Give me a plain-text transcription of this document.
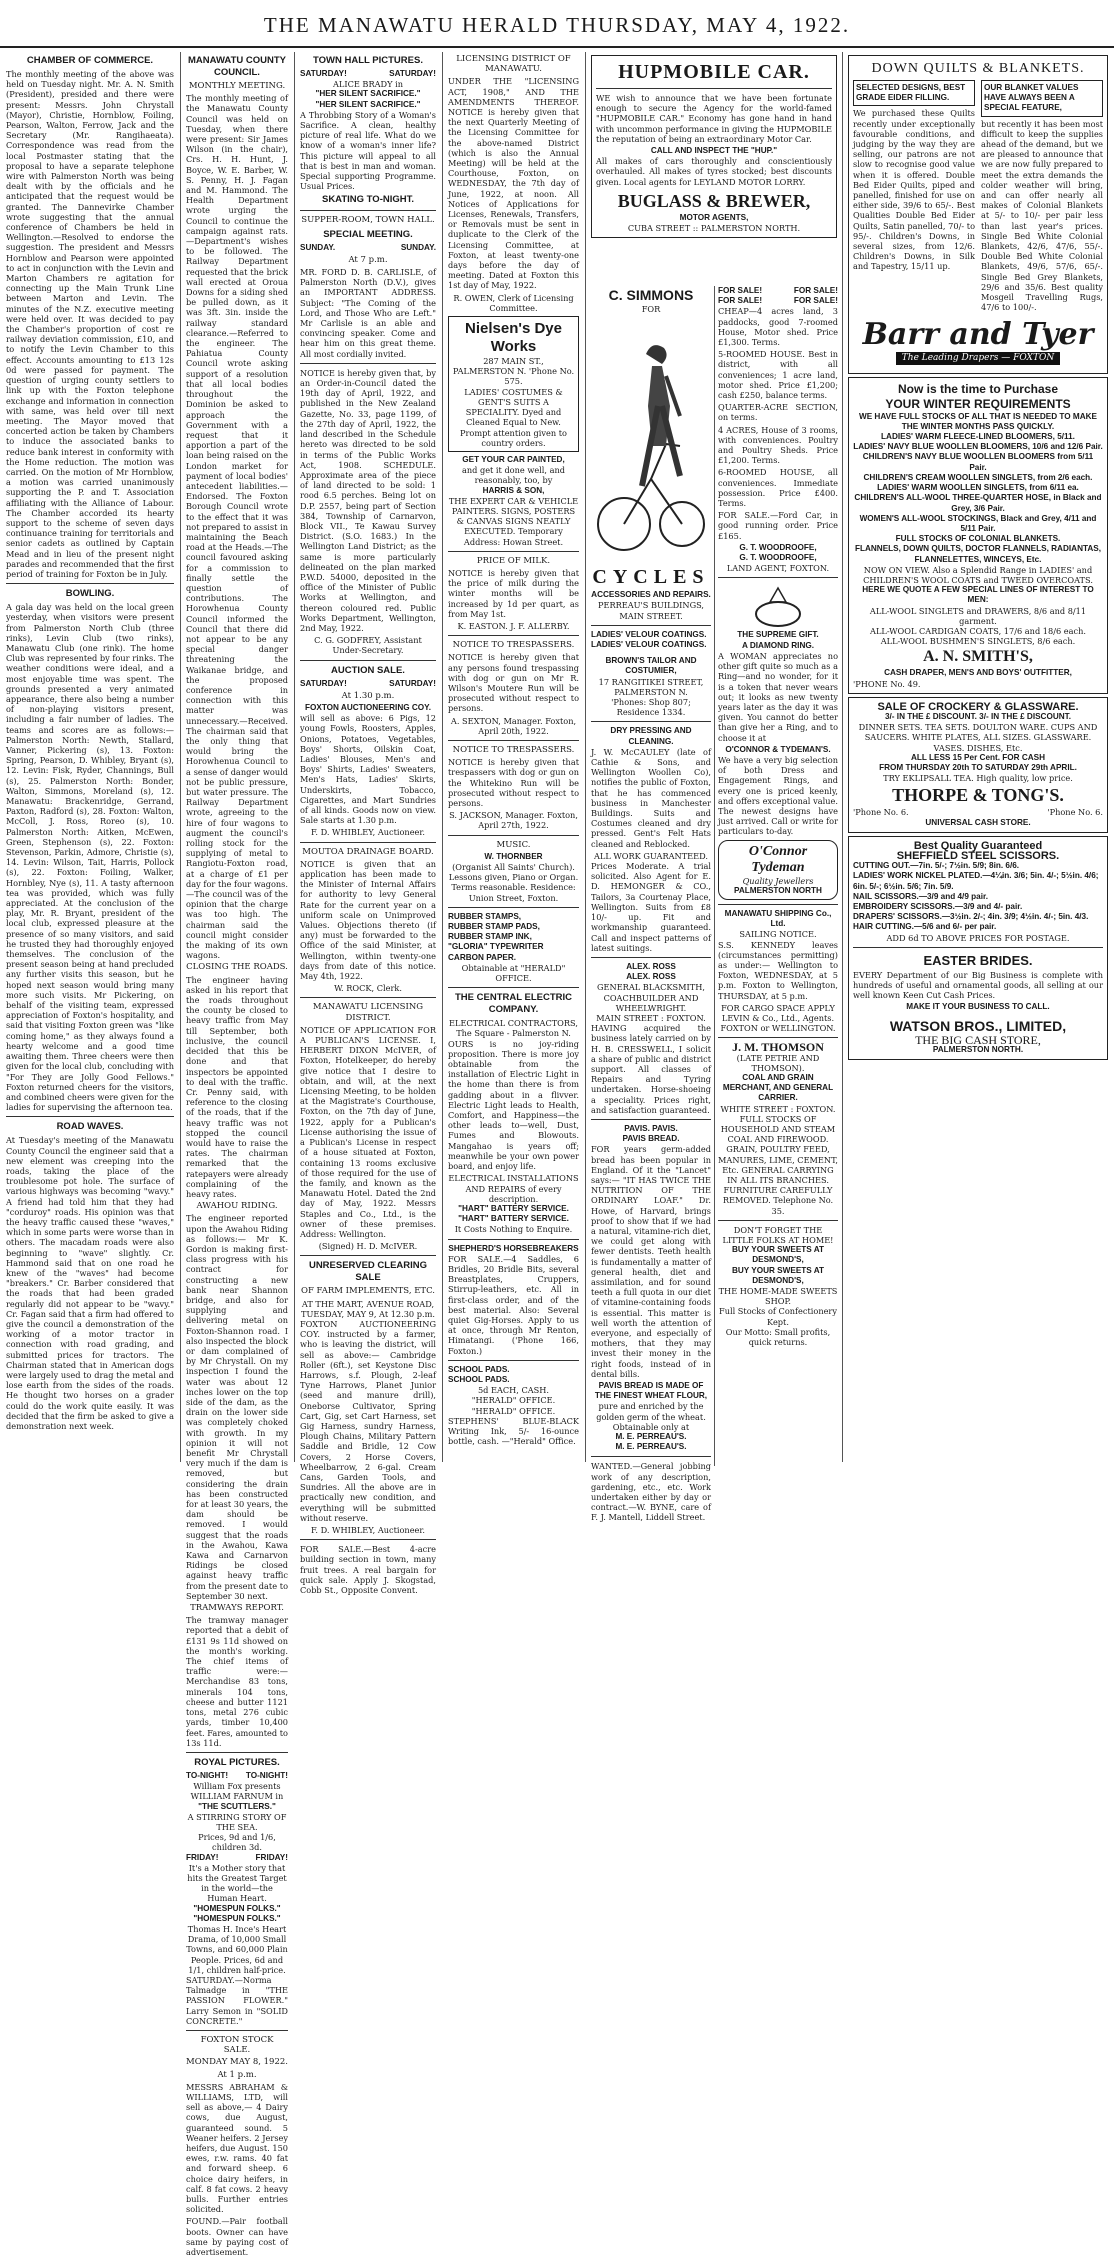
THE MANAWATU HERALD THURSDAY, MAY 4, 1922.
CHAMBER OF COMMERCE.
The monthly meeting of the above was held on Tuesday night. Mr. A. N. Smith (President), presided and there were present: Messrs. John Chrystall (Mayor), Christie, Hornblow, Foiling, Pearson, Walton, Ferrow, Jack and the Secretary (Mr. Rangihaeata). Correspondence was read from the local Postmaster stating that the proposal to have a separate telephone wire with Palmerston North was being dealt with by the officials and he anticipated that the request would be granted. The Dannevirke Chamber wrote suggesting that the annual conference of Chambers be held in Wellington.—Resolved to endorse the suggestion. The president and Messrs Hornblow and Pearson were appointed to act in conjunction with the Levin and Marton Chambers re agitation for connecting up the Main Trunk Line between Marton and Levin. The minutes of the N.Z. executive meeting were held over. It was decided to pay the Chamber's proportion of cost re railway deviation commission, £10, and to notify the Levin Chamber to this effect. Accounts amounting to £13 12s 0d were passed for payment. The question of urging county settlers to link up with the Foxton telephone exchange and information in connection with same, was held over till next meeting. The Mayor moved that concerted action be taken by Chambers to induce the associated banks to reduce bank interest in conformity with the Home reduction. The motion was carried. On the motion of Mr Hornblow, a motion was carried unanimously supporting the P. and T. Association affiliating with the Alliance of Labour. The Chamber accorded its hearty support to the scheme of seven days continuance training for territorials and senior cadets as outlined by Captain Mead and in lieu of the present night parades and recommended that the first period of training for Foxton be in July.
BOWLING.
A gala day was held on the local green yesterday, when visitors were present from Palmerston North Club (three rinks), Levin Club (two rinks), Manawatu Club (one rink). The home Club was represented by four rinks. The weather conditions were ideal, and a most enjoyable time was spent. The grounds presented a very animated appearance, there also being a number of non-playing visitors present, including a fair number of ladies. The teams and scores are as follows:— Palmerston North: Newth, Stallard, Vanner, Pickering (s), 13. Foxton: Spring, Pearson, D. Whibley, Bryant (s), 12. Levin: Fisk, Ryder, Channings, Bull (s), 25. Palmerston North: Bonder, Walton, Simmons, Moreland (s), 12. Manawatu: Brackenridge, Gerrand, Paxton, Radford (s), 28. Foxton: Walton, McColl, J. Ross, Roreo (s), 10. Palmerston North: Aitken, McEwen, Green, Stephenson (s), 22. Foxton: Stevenson, Parkin, Admore, Christie (s), 14. Levin: Wilson, Tait, Harris, Pollock (s), 22. Foxton: Foiling, Walker, Hornbley, Nye (s), 11. A tasty afternoon tea was provided, which was fully appreciated. At the conclusion of the play, Mr. R. Bryant, president of the local club, expressed pleasure at the presence of so many visitors, and said he trusted they had thoroughly enjoyed themselves. The conclusion of the present season being at hand precluded any further visits this season, but he hoped next season would bring many more such visits. Mr Pickering, on behalf of the visiting team, expressed appreciation of Foxton's hospitality, and said that visiting Foxton green was "like coming home," as they always found a hearty welcome and a good time awaiting them. Three cheers were then given for the local club, concluding with "For They are Jolly Good Fellows." Foxton returned cheers for the visitors, and combined cheers were given for the ladies for supervising the afternoon tea.
ROAD WAVES.
At Tuesday's meeting of the Manawatu County Council the engineer said that a new element was creeping into the roads, taking the place of the troublesome pot hole. The surface of various highways was becoming "wavy." A friend had told him that they had "corduroy" roads. His opinion was that the heavy traffic caused these "waves," which in some parts were worse than in others. The macadam roads were also beginning to "wave" slightly. Cr. Hammond said that on one road he knew of the "waves" had become "breakers." Cr. Barber considered that the roads that had been graded regularly did not appear to be "wavy." Cr. Fagan said that a firm had offered to give the council a demonstration of the working of a motor tractor in connection with road grading, and submitted prices for tractors. The Chairman stated that in American dogs were largely used to drag the metal and lose earth from the sides of the roads. He thought two horses on a grader could do the work quite easily. It was decided that the firm be asked to give a demonstration next week.
MANAWATU COUNTY COUNCIL.
MONTHLY MEETING.
The monthly meeting of the Manawatu County Council was held on Tuesday, when there were present: Sir James Wilson (in the chair), Crs. H. H. Hunt, J. Boyce, W. E. Barber, W. S. Penny, H. J. Fagan and M. Hammond. The Health Department wrote urging the Council to continue the campaign against rats.—Department's wishes to be followed. The Railway Department requested that the brick wall erected at Oroua Downs for a siding shed be pulled down, as it was 3ft. 3in. inside the railway standard clearance.—Referred to the engineer. The Pahiatua County Council wrote asking support of a resolution that all local bodies throughout the Dominion be asked to approach the Government with a request that it apportion a part of the loan being raised on the London market for payment of local bodies' antecedent liabilities.—Endorsed. The Foxton Borough Council wrote to the effect that it was not prepared to assist in maintaining the Beach road at the Heads.—The council favoured asking for a commission to finally settle the question of contributions. The Horowhenua County Council informed the Council that there did not appear to be any special danger threatening the Waikanae bridge, and the proposed conference in connection with this matter was unnecessary.—Received. The chairman said that the only thing that would bring the Horowhenua Council to a sense of danger would not be public pressure, but water pressure. The Railway Department wrote, agreeing to the hire of four wagons to augment the council's rolling stock for the supplying of metal to Rangiotu-Foxton road, at a charge of £1 per day for the four wagons.—The council was of the opinion that the charge was too high. The chairman said the council might consider the making of its own wagons.
CLOSING THE ROADS.
The engineer having asked in his report that the roads throughout the county be closed to heavy traffic from May till September, both inclusive, the council decided that this be done and that inspectors be appointed to deal with the traffic. Cr. Penny said, with reference to the closing of the roads, that if the heavy traffic was not stopped the council would have to raise the rates. The chairman remarked that the ratepayers were already complaining of the heavy rates.
AWAHOU RIDING.
The engineer reported upon the Awahou Riding as follows:— Mr K. Gordon is making first-class progress with his contract for constructing a new bank near Shannon bridge, and also for supplying and delivering metal on Foxton-Shannon road. I also inspected the block or dam complained of by Mr Chrystall. On my inspection I found the water was about 12 inches lower on the top side of the dam, as the drain on the lower side was completely choked with growth. In my opinion it will not benefit Mr Chrystall very much if the dam is removed, but considering the drain has been constructed for at least 30 years, the dam should be removed. I would suggest that the roads in the Awahou, Kawa Kawa and Carnarvon Ridings be closed against heavy traffic from the present date to September 30 next.
TRAMWAYS REPORT.
The tramway manager reported that a debit of £131 9s 11d showed on the month's working. The chief items of traffic were:—Merchandise 83 tons, minerals 104 tons, cheese and butter 1121 tons, metal 276 cubic yards, timber 10,400 feet. Fares, amounted to 13s 11d.
ROYAL PICTURES.
TO-NIGHT! TO-NIGHT!
William Fox presents WILLIAM FARNUM in
"THE SCUTTLERS."
A STIRRING STORY OF THE SEA.
Prices, 9d and 1/6, children 3d.
FRIDAY!	FRIDAY!
It's a Mother story that hits the Greatest Target in the world—the Human Heart.
"HOMESPUN FOLKS."
"HOMESPUN FOLKS."
Thomas H. Ince's Heart Drama, of 10,000 Small Towns, and 60,000 Plain People. Prices, 6d and 1/1, children half-price.
SATURDAY.—Norma Talmadge in "THE PASSION FLOWER." Larry Semon in "SOLID CONCRETE."
FOXTON STOCK SALE.
MONDAY MAY 8, 1922.
At 1 p.m.
MESSRS ABRAHAM & WILLIAMS, LTD, will sell as above,— 4 Dairy cows, due August, guaranteed sound. 5 Weaner heifers. 2 Jersey heifers, due August. 150 ewes, r.w. rams. 40 fat and forward sheep. 6 choice dairy heifers, in calf. 8 fat cows. 2 heavy bulls. Further entries solicited.
FOUND.—Pair football boots. Owner can have same by paying cost of advertisement.
TOWN HALL PICTURES.
SATURDAY!	SATURDAY!
ALICE BRADY in
"HER SILENT SACRIFICE."
"HER SILENT SACRIFICE."
A Throbbing Story of a Woman's Sacrifice. A clean, healthy picture of real life. What do we know of a woman's inner life? This picture will appeal to all that is best in man and woman. Special supporting Programme. Usual Prices.
SKATING TO-NIGHT.
SUPPER-ROOM, TOWN HALL.
SPECIAL MEETING.
SUNDAY.	SUNDAY.
At 7 p.m.
MR. FORD D. B. CARLISLE, of Palmerston North (D.V.), gives an IMPORTANT ADDRESS. Subject: "The Coming of the Lord, and Those Who are Left." Mr Carlisle is an able and convincing speaker. Come and hear him on this great theme. All most cordially invited.
NOTICE is hereby given that, by an Order-in-Council dated the 19th day of April, 1922, and published in the New Zealand Gazette, No. 33, page 1199, of the 27th day of April, 1922, the land described in the Schedule hereto was directed to be sold in terms of the Public Works Act, 1908. SCHEDULE. Approximate area of the piece of land directed to be sold: 1 rood 6.5 perches. Being lot on D.P. 2557, being part of Section 384, Township of Carnarvon, Block VII., Te Kawau Survey District. (S.O. 1683.) In the Wellington Land District; as the same is more particularly delineated on the plan marked P.W.D. 54000, deposited in the office of the Minister of Public Works at Wellington, and thereon coloured red. Public Works Department, Wellington, 2nd May, 1922.
C. G. GODFREY, Assistant Under-Secretary.
AUCTION SALE.
SATURDAY!	SATURDAY!
At 1.30 p.m.
FOXTON AUCTIONEERING COY.
will sell as above: 6 Pigs, 12 young Fowls, Roosters, Apples, Onions, Potatoes, Vegetables, Boys' Shorts, Oilskin Coat, Ladies' Blouses, Men's and Boys' Shirts, Ladies' Sweaters, Men's Hats, Ladies' Skirts, Underskirts, Tobacco, Cigarettes, and Mart Sundries of all kinds. Goods now on view. Sale starts at 1.30 p.m.
F. D. WHIBLEY, Auctioneer.
MOUTOA DRAINAGE BOARD.
NOTICE is given that an application has been made to the Minister of Internal Affairs for authority to levy General Rate for the current year on a uniform scale on Unimproved Values. Objections thereto (if any) must be forwarded to the Office of the said Minister, at Wellington, within twenty-one days from date of this notice. May 4th, 1922.
W. ROCK, Clerk.
MANAWATU LICENSING DISTRICT.
NOTICE OF APPLICATION FOR A PUBLICAN'S LICENSE. I, HERBERT DIXON McIVER, of Foxton, Hotelkeeper, do hereby give notice that I desire to obtain, and will, at the next Licensing Meeting, to be holden at the Magistrate's Courthouse, Foxton, on the 7th day of June, 1922, apply for a Publican's License authorising the issue of a Publican's License in respect of a house situated at Foxton, containing 13 rooms exclusive of those required for the use of the family, and known as the Manawatu Hotel. Dated the 2nd day of May, 1922. Messrs Staples and Co., Ltd., is the owner of these premises. Address: Wellington.
(Signed) H. D. McIVER.
UNRESERVED CLEARING SALE
OF FARM IMPLEMENTS, ETC.
AT THE MART, AVENUE ROAD, TUESDAY, MAY 9, At 12.30 p.m.
FOXTON AUCTIONEERING COY. instructed by a farmer, who is leaving the district, will sell as above:— Cambridge Roller (6ft.), set Keystone Disc Harrows, s.f. Plough, 2-leaf Tyne Harrows, Planet Junior (seed and manure drill), Oneborse Cultivator, Spring Cart, Gig, set Cart Harness, set Gig Harness, sundry Harness, Plough Chains, Military Pattern Saddle and Bridle, 12 Cow Covers, 2 Horse Covers, Wheelbarrow, 2 6-gal. Cream Cans, Garden Tools, and Sundries. All the above are in practically new condition, and everything will be submitted without reserve.
F. D. WHIBLEY, Auctioneer.
FOR SALE.—Best 4-acre building section in town, many fruit trees. A real bargain for quick sale. Apply J. Skogstad, Cobb St., Opposite Convent.
LICENSING DISTRICT OF MANAWATU.
UNDER THE "LICENSING ACT, 1908," AND THE AMENDMENTS THEREOF. NOTICE is hereby given that the next Quarterly Meeting of the Licensing Committee for the above-named District (which is also the Annual Meeting) will be held at the Courthouse, Foxton, on WEDNESDAY, the 7th day of June, 1922, at noon. All Notices of Applications for Licenses, Renewals, Transfers, or Removals must be sent in duplicate to the Clerk of the Licensing Committee, at Foxton, at least twenty-one days before the day of meeting. Dated at Foxton this 1st day of May, 1922.
R. OWEN, Clerk of Licensing Committee.
Nielsen's Dye Works
287 MAIN ST., PALMERSTON N. 'Phone No. 575.
LADIES' COSTUMES & GENT'S SUITS A SPECIALITY. Dyed and Cleaned Equal to New. Prompt attention given to country orders.
GET YOUR CAR PAINTED,
and get it done well, and reasonably, too, by
HARRIS & SON,
THE EXPERT CAR & VEHICLE PAINTERS. SIGNS, POSTERS & CANVAS SIGNS NEATLY EXECUTED. Temporary Address: Howan Street.
PRICE OF MILK.
NOTICE is hereby given that the price of milk during the winter months will be increased by 1d per quart, as from May 1st.
K. EASTON. J. F. ALLERBY.
NOTICE TO TRESPASSERS.
NOTICE is hereby given that any persons found trespassing with dog or gun on Mr R. Wilson's Moutere Run will be prosecuted without respect to persons.
A. SEXTON, Manager. Foxton, April 20th, 1922.
NOTICE TO TRESPASSERS.
NOTICE is hereby given that trespassers with dog or gun on the Whitekino Run will be prosecuted without respect to persons.
S. JACKSON, Manager. Foxton, April 27th, 1922.
MUSIC.
W. THORNBER
(Organist All Saints' Church). Lessons given, Piano or Organ. Terms reasonable. Residence: Union Street, Foxton.
RUBBER STAMPS,
RUBBER STAMP PADS,
RUBBER STAMP INK,
"GLORIA" TYPEWRITER CARBON PAPER.
Obtainable at "HERALD" OFFICE.
THE CENTRAL ELECTRIC COMPANY.
ELECTRICAL CONTRACTORS, The Square - Palmerston N.
OURS is no joy-riding proposition. There is more joy obtainable from the installation of Electric Light in the home than there is from gadding about in a flivver. Electric Light leads to Health, Comfort, and Happiness—the other leads to—well, Dust, Fumes and Blowouts. Mangahao is years off; meanwhile be your own power board, and enjoy life.
ELECTRICAL INSTALLATIONS AND REPAIRS of every description.
"HART" BATTERY SERVICE.
"HART" BATTERY SERVICE.
It Costs Nothing to Enquire.
SHEPHERD'S HORSEBREAKERS
FOR SALE.—4 Saddles, 6 Bridles, 20 Bridle Bits, several Breastplates, Cruppers, Stirrup-leathers, etc. All in first-class order, and of the best material. Also: Several quiet Gig-Horses. Apply to us at once, through Mr Renton, Himatangi. ('Phone 166, Foxton.)
SCHOOL PADS.
SCHOOL PADS.
5d EACH, CASH.
"HERALD" OFFICE.
"HERALD" OFFICE.
STEPHENS' BLUE-BLACK Writing Ink, 5/- 16-ounce bottle, cash. —"Herald" Office.
HUPMOBILE CAR.
WE wish to announce that we have been fortunate enough to secure the Agency for the world-famed "HUPMOBILE CAR." Economy has gone hand in hand with uncommon performance in giving the HUPMOBILE the reputation of being an extraordinary Motor Car.
CALL AND INSPECT THE "HUP."
All makes of cars thoroughly and conscientiously overhauled. All makes of tyres stocked; best discounts given. Local agents for LEYLAND MOTOR LORRY.
BUGLASS & BREWER,
MOTOR AGENTS,
CUBA STREET :: PALMERSTON NORTH.
C. SIMMONS
FOR
CYCLES
ACCESSORIES AND REPAIRS.
PERREAU'S BUILDINGS, MAIN STREET.
LADIES' VELOUR COATINGS.
LADIES' VELOUR COATINGS.
BROWN'S TAILOR AND COSTUMIER,
17 RANGITIKEI STREET, PALMERSTON N.
'Phones: Shop 807; Residence 1334.
DRY PRESSING AND CLEANING.
J. W. McCAULEY (late of Cathie & Sons, and Wellington Woollen Co), notifies the public of Foxton, that he has commenced business in Manchester Buildings. Suits and Costumes cleaned and dry pressed. Gent's Felt Hats cleaned and Reblocked.
ALL WORK GUARANTEED.
Prices Moderate. A trial solicited. Also Agent for E. D. HEMONGER & CO., Tailors, 3a Courtenay Place, Wellington. Suits from £8 10/- up. Fit and workmanship guaranteed. Call and inspect patterns of latest suitings.
ALEX. ROSS
ALEX. ROSS
GENERAL BLACKSMITH, COACHBUILDER AND WHEELWRIGHT.
MAIN STREET : FOXTON.
HAVING acquired the business lately carried on by H. B. CRESSWELL, I solicit a share of public and district support. All classes of Repairs and Tyring undertaken. Horse-shoeing a speciality. Prices right, and satisfaction guaranteed.
PAVIS. PAVIS.
PAVIS BREAD.
FOR years germ-added bread has been popular in England. Of it the "Lancet" says:— "IT HAS TWICE THE NUTRITION OF THE ORDINARY LOAF." Dr. Howe, of Harvard, brings proof to show that if we had a natural, vitamine-rich diet, we could get along with fewer dentists. Teeth health is fundamentally a matter of general health, diet and assimilation, and for sound teeth a full quota in our diet of vitamine-containing foods is essential. This matter is well worth the attention of everyone, and especially of mothers, that they may invest their money in the right foods, instead of in dental bills.
PAVIS BREAD IS MADE OF THE FINEST WHEAT FLOUR,
pure and enriched by the golden germ of the wheat.
Obtainable only at
M. E. PERREAU'S.
M. E. PERREAU'S.
WANTED.—General jobbing work of any description, gardening, etc., etc. Work undertaken either by day or contract.—W. BYNE, care of F. J. Mantell, Liddell Street.
FOR SALE!	FOR SALE!
FOR SALE!	FOR SALE!
CHEAP—4 acres land, 3 paddocks, good 7-roomed House, Motor shed. Price £1,300. Terms.
5-ROOMED HOUSE. Best in district, with all conveniences; 1 acre land, motor shed. Price £1,200; cash £250, balance terms.
QUARTER-ACRE SECTION, on terms.
4 ACRES, House of 3 rooms, with conveniences. Poultry and Poultry Sheds. Price £1,200. Terms.
6-ROOMED HOUSE, all conveniences. Immediate possession. Price £400. Terms.
FOR SALE.—Ford Car, in good running order. Price £165.
G. T. WOODROOFE,
G. T. WOODROOFE,
LAND AGENT, FOXTON.
THE SUPREME GIFT.
A DIAMOND RING.
A WOMAN appreciates no other gift quite so much as a Ring—and no wonder, for it is a token that never wears out; it looks as new twenty years later as the day it was given. You cannot do better than give her a Ring, and to choose it at
O'CONNOR & TYDEMAN'S.
We have a very big selection of both Dress and Engagement Rings, and every one is priced keenly, and offers exceptional value. The newest designs have just arrived. Call or write for particulars to-day.
O'Connor
Tydeman
Quality Jewellers
PALMERSTON NORTH
MANAWATU SHIPPING Co., Ltd.
SAILING NOTICE.
S.S. KENNEDY leaves (circumstances permitting) as under:— Wellington to Foxton, WEDNESDAY, at 5 p.m. Foxton to Wellington, THURSDAY, at 5 p.m.
FOR CARGO SPACE APPLY LEVIN & Co., Ltd., Agents. FOXTON or WELLINGTON.
J. M. THOMSON
(LATE PETRIE AND THOMSON).
COAL AND GRAIN MERCHANT, AND GENERAL CARRIER.
WHITE STREET : FOXTON.
FULL STOCKS OF HOUSEHOLD AND STEAM COAL AND FIREWOOD. GRAIN, POULTRY FEED, MANURES, LIME, CEMENT, Etc. GENERAL CARRYING IN ALL ITS BRANCHES. FURNITURE CAREFULLY REMOVED. Telephone No. 35.
DON'T FORGET THE LITTLE FOLKS AT HOME!
BUY YOUR SWEETS AT DESMOND'S,
BUY YOUR SWEETS AT DESMOND'S,
THE HOME-MADE SWEETS SHOP.
Full Stocks of Confectionery Kept.
Our Motto: Small profits, quick returns.
DOWN QUILTS & BLANKETS.
SELECTED DESIGNS, BEST GRADE EIDER FILLING.
We purchased these Quilts recently under exceptionally favourable conditions, and judging by the way they are selling, our patrons are not slow to recognise good value when it is offered. Double Bed Eider Quilts, piped and panelled, finished for use on either side, 39/6 to 65/-. Best Qualities Double Bed Eider Quilts, Satin panelled, 70/- to 95/-. Children's Downs, in several sizes, from 12/6. Children's Downs, in Silk and Tapestry, 15/11 up.
OUR BLANKET VALUES HAVE ALWAYS BEEN A SPECIAL FEATURE,
but recently it has been most difficult to keep the supplies ahead of the demand, but we are pleased to announce that we are now fully prepared to meet the extra demands the colder weather will bring, and can offer nearly all makes of Colonial Blankets at 5/- to 10/- per pair less than last year's prices. Single Bed White Colonial Blankets, 42/6, 47/6, 55/-. Double Bed White Colonial Blankets, 49/6, 57/6, 65/-. Single Bed Grey Blankets, 29/6 and 35/6. Best quality Mosgeil Travelling Rugs, 47/6 to 100/-.
Barr and Tyer
The Leading Drapers — FOXTON
Now is the time to Purchase
YOUR WINTER REQUIREMENTS
WE HAVE FULL STOCKS OF ALL THAT IS NEEDED TO MAKE THE WINTER MONTHS PASS QUICKLY.
LADIES' WARM FLEECE-LINED BLOOMERS, 5/11.
LADIES' NAVY BLUE WOOLLEN BLOOMERS, 10/6 and 12/6 Pair.
CHILDREN'S NAVY BLUE WOOLLEN BLOOMERS from 5/11 Pair.
CHILDREN'S CREAM WOOLLEN SINGLETS, from 2/6 each.
LADIES' WARM WOOLLEN SINGLETS, from 6/11 ea.
CHILDREN'S ALL-WOOL THREE-QUARTER HOSE, in Black and Grey, 3/6 Pair.
WOMEN'S ALL-WOOL STOCKINGS, Black and Grey, 4/11 and 5/11 Pair.
FULL STOCKS OF COLONIAL BLANKETS.
FLANNELS, DOWN QUILTS, DOCTOR FLANNELS, RADIANTAS, FLANNELETTES, WINCEYS, Etc.
NOW ON VIEW. Also a Splendid Range in LADIES' and CHILDREN'S WOOL COATS and TWEED OVERCOATS.
HERE WE QUOTE A FEW SPECIAL LINES OF INTEREST TO MEN:
ALL-WOOL SINGLETS and DRAWERS, 8/6 and 8/11 garment.
ALL-WOOL CARDIGAN COATS, 17/6 and 18/6 each.
ALL-WOOL BUSHMEN'S SINGLETS, 8/6 each.
A. N. SMITH'S,
CASH DRAPER, MEN'S AND BOYS' OUTFITTER,
'PHONE No. 49.
SALE OF CROCKERY & GLASSWARE.
3/- IN THE £ DISCOUNT. 3/- IN THE £ DISCOUNT.
DINNER SETS. TEA SETS. DOULTON WARE. CUPS AND SAUCERS. WHITE PLATES, ALL SIZES. GLASSWARE. VASES. DISHES, Etc.
ALL LESS 15 Per Cent. FOR CASH
FROM THURSDAY 20th TO SATURDAY 29th APRIL.
TRY EKLIPSALL TEA. High quality, low price.
THORPE & TONG'S.
'Phone No. 6.	'Phone No. 6.
UNIVERSAL CASH STORE.
Best Quality Guaranteed
SHEFFIELD STEEL SCISSORS.
CUTTING OUT.—7in. 5/-; 7½in. 5/9; 8in. 6/6.
LADIES' WORK NICKEL PLATED.—4¼in. 3/6; 5in. 4/-; 5½in. 4/6; 6in. 5/-; 6½in. 5/6; 7in. 5/9.
NAIL SCISSORS.—3/9 and 4/9 pair.
EMBROIDERY SCISSORS.—3/9 and 4/- pair.
DRAPERS' SCISSORS.—3½in. 2/-; 4in. 3/9; 4½in. 4/-; 5in. 4/3.
HAIR CUTTING.—5/6 and 6/- per pair.
ADD 6d TO ABOVE PRICES FOR POSTAGE.
EASTER BRIDES.
EVERY Department of our Big Business is complete with hundreds of useful and ornamental goods, all selling at our well known Keen Cut Cash Prices.
MAKE IT YOUR BUSINESS TO CALL.
WATSON BROS., LIMITED,
THE BIG CASH STORE,
PALMERSTON NORTH.
